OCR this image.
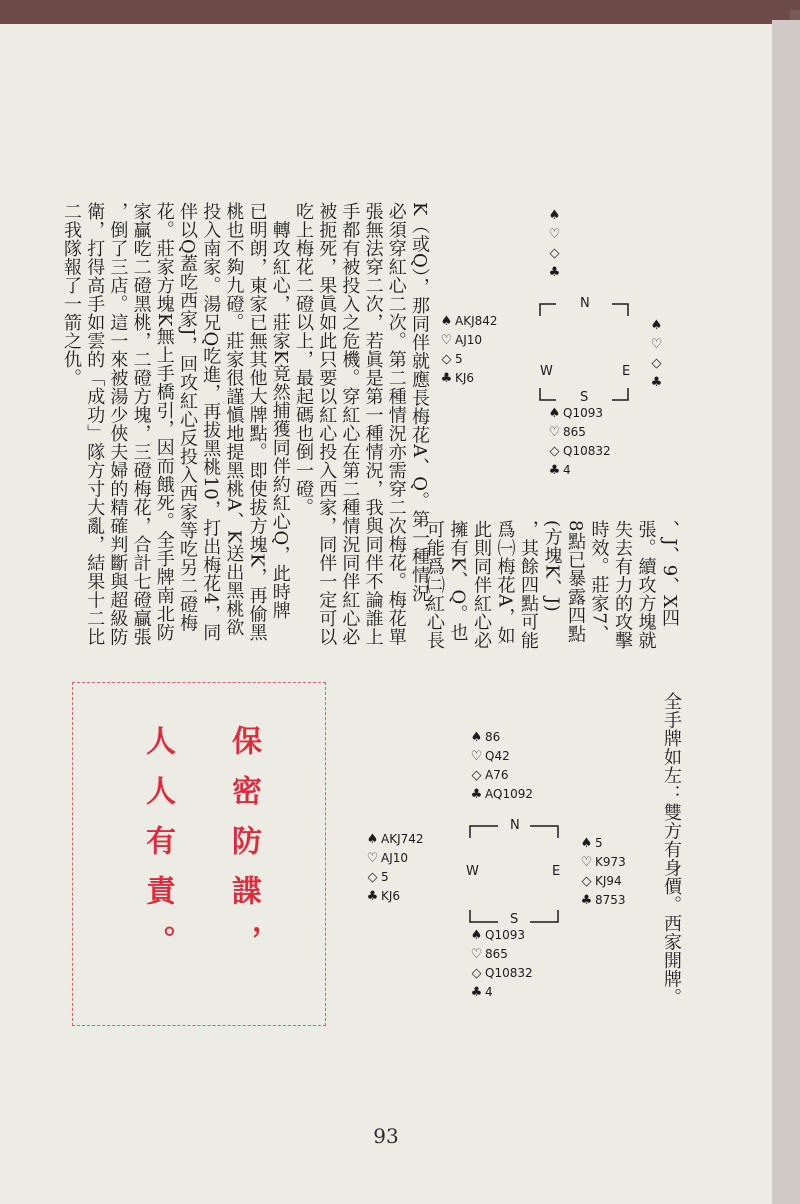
、J、9、X四

張。續攻方塊就

失去有力的攻擊

時效。莊家7、

8點已暴露四點

(方塊K、J)

，其餘四點可能

爲㈠梅花A，如

此則同伴紅心必

擁有K、Q。也

可能爲㈡紅心長

全手牌如左：雙方有身價。西家開牌。

K（或Q），那同伴就應長梅花A、Q。第一種情況，

必須穿紅心二次。第二種情況亦需穿二次梅花。梅花單

張無法穿二次，若眞是第一種情況，我與同伴不論誰上

手都有被投入之危機。穿紅心在第二種情況同伴紅心必

被扼死，果眞如此只要以紅心投入西家，同伴一定可以

吃上梅花二磴以上，最起碼也倒一磴。

　轉攻紅心，莊家K竟然捕獲同伴約紅心Q，此時牌

已明朗，東家已無其他大牌點。即使拔方塊K，再偷黑

桃也不夠九磴。莊家很謹愼地提黑桃A、K送出黑桃欲

投入南家。湯兄Q吃進，再拔黑桃10，打出梅花4，同

伴以Q蓋吃西家J，回攻紅心反投入西家等吃另二磴梅

花。莊家方塊K無上手橋引，因而餓死。全手牌南北防

家贏吃二磴黑桃，二磴方塊，三磴梅花，合計七磴贏張

，倒了三店。這一來被湯少俠夫婦的精確判斷與超級防

衛，打得高手如雲的「成功」隊方寸大亂，結果十二比

二我隊報了一箭之仇。	♠
♡
◇
♣
♠ AKJ842
♡ AJ10
◇ 5
♣ KJ6
♠
♡
◇
♣
♠ Q1093
♡ 865
◇ Q10832
♣ 4
N
W	E
S
♠ 86
♡ Q42
◇ A76
♣ AQ1092
♠ AKJ742
♡ AJ10
◇ 5
♣ KJ6
♠ 5
♡ K973
◇ KJ94
♣ 8753
♠ Q1093
♡ 865
◇ Q10832
♣ 4
N
W	E
S
保密防諜，
人人有責。
93
